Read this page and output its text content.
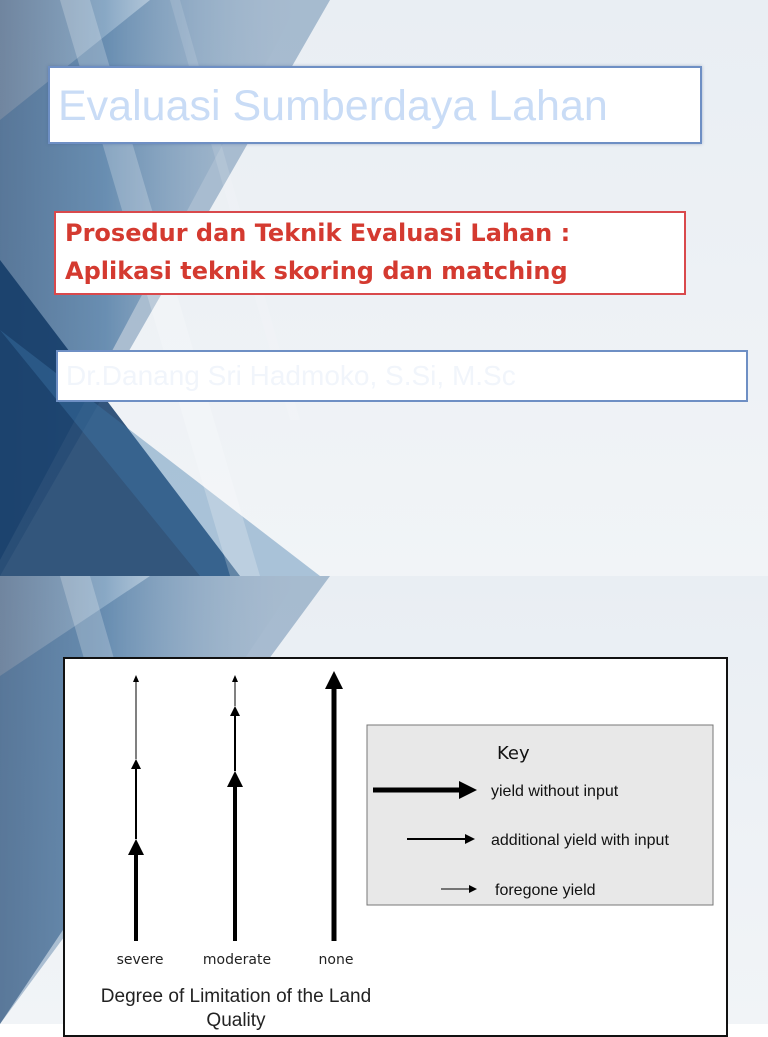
Evaluasi Sumberdaya Lahan
Prosedur dan Teknik Evaluasi Lahan :
Aplikasi teknik skoring dan matching
Dr.Danang Sri Hadmoko, S.Si, M.Sc
severe	moderate	none
Key
yield without input
additional yield with input
foregone yield
Degree of Limitation of the Land Quality
